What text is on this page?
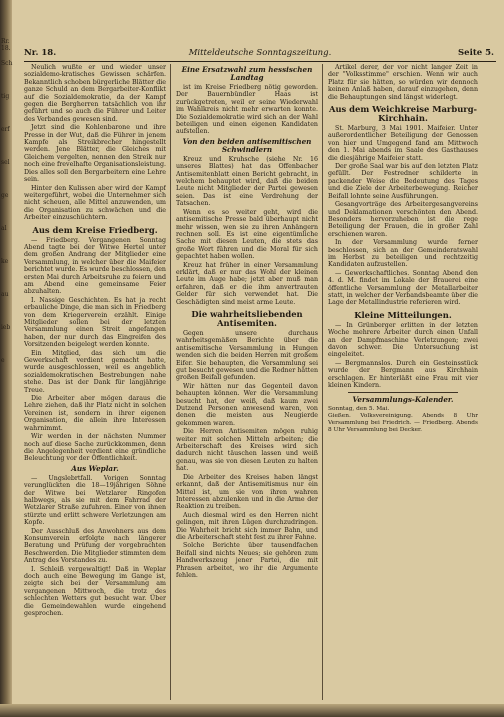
Rr. 18.
Sch
tig
erf
sel
ge
al
ke
au
ieb
e
Nr. 18.	Mitteldeutsche Sonntagszeitung.	Seite 5.

Neulich wußte er und wieder unser sozialdemo-kratisches Gewissen schärfen. Bekanntlich schoben bürgerliche Blätter die ganze Schuld an dem Bergarbeiter-Konflikt auf die Sozialdemokratie, da der Kampf gegen die Bergherren tatsächlich von ihr geführt und so auch die Führer und Leiter des Verbandes gewesen sind.

Jetzt sind die Kohlenbarone und ihre Presse in der Wut, daß die Führer in jenem Kampfe als Streikbrecher hingestellt werden. Jene Blätter, die Gleiches mit Gleichem vergelten, nennen den Streik nur noch eine frevelhafte Organisationsleistung. Dies alles soll den Bergarbeitern eine Lehre sein.

Hinter den Kulissen aber wird der Kampf weitergeführt, wobei die Unternehmer sich nicht scheuen, alle Mittel anzuwenden, um die Organisation zu schwächen und die Arbeiter einzuschüchtern.

Aus dem Kreise Friedberg.

— Friedberg. Vergangenen Sonntag Abend tagte bei der Witwe Hertel unter dem großen Andrang der Mitglieder eine Versammlung, in welcher über die Maifeier berichtet wurde. Es wurde beschlossen, den ersten Mai durch Arbeitsruhe zu feiern und am Abend eine gemeinsame Feier abzuhalten.

I. Nassige Geschichten. Es hat ja recht erbauliche Dinge, die man sich in Friedberg von dem Kriegerverein erzählt. Einige Mitglieder sollen bei der letzten Versammlung einen Streit angefangen haben, der nur durch das Eingreifen des Vorsitzenden beigelegt werden konnte.

Ein Mitglied, das sich um die Gewerkschaft verdient gemacht hatte, wurde ausgeschlossen, weil es angeblich sozialdemokratischen Bestrebungen nahe stehe. Das ist der Dank für langjährige Treue.

Die Arbeiter aber mögen daraus die Lehre ziehen, daß ihr Platz nicht in solchen Vereinen ist, sondern in ihrer eigenen Organisation, die allein ihre Interessen wahrnimmt.

Wir werden in der nächsten Nummer noch auf diese Sache zurückkommen, denn die Angelegenheit verdient eine gründliche Beleuchtung vor der Öffentlichkeit.

Aus Weplar.

— Ungslebrtfall. Vorigen Sonntag verunglückten die 18—19jährigen Söhne der Witwe bei Wetzlarer Ringofen halbwegs, als sie mit dem Fahrrad der Wetzlarer Straße zufuhren. Einer von ihnen stürzte und erlitt schwere Verletzungen am Kopfe.

Der Ausschluß des Anwohners aus dem Konsumverein erfolgte nach längerer Beratung und Prüfung der vorgebrachten Beschwerden. Die Mitglieder stimmten dem Antrag des Vorstandes zu.

I. Schleiß vergewaltigt! Daß in Weplar doch auch eine Bewegung im Gange ist, zeigte sich bei der Versammlung am vergangenen Mittwoch, die trotz des schlechten Wetters gut besucht war. Über die Gemeindewahlen wurde eingehend gesprochen.

Eine Ersatzwahl zum hessischen Landtag

ist im Kreise Friedberg nötig geworden. Der Bauernbündler Haas ist zurückgetreten, weil er seine Wiederwahl im Wahlkreis nicht mehr erwarten konnte. Die Sozialdemokratie wird sich an der Wahl beteiligen und einen eigenen Kandidaten aufstellen.

Von den beiden antisemitischen Schwindlern

Kreuz und Kruhsche (siehe Nr. 16 unseres Blattes) hat das Offenbacher Antisemitenblatt einen Bericht gebracht, in welchem behauptet wird, daß die beiden Leute nicht Mitglieder der Partei gewesen seien. Das ist eine Verdrehung der Tatsachen.

Wenn es so weiter geht, wird die antisemitische Presse bald überhaupt nicht mehr wissen, wen sie zu ihren Anhängern rechnen soll. Es ist eine eigentümliche Sache mit diesen Leuten, die stets das große Wort führen und die Moral für sich gepachtet haben wollen.

Kreuz hat früher in einer Versammlung erklärt, daß er nur das Wohl der kleinen Leute im Auge habe; jetzt aber muß man erfahren, daß er die ihm anvertrauten Gelder für sich verwendet hat. Die Geschädigten sind meist arme Leute.

Die wahrheitsliebenden Antisemiten.

Gegen unsere durchaus wahrheitsgemäßen Berichte über die antisemitische Versammlung in Hungen wenden sich die beiden Herren mit großem Eifer. Sie behaupten, die Versammlung sei gut besucht gewesen und die Redner hätten großen Beifall gefunden.

Wir hätten nur das Gegenteil davon behaupten können. Wer die Versammlung besucht hat, der weiß, daß kaum zwei Dutzend Personen anwesend waren, von denen die meisten aus Neugierde gekommen waren.

Die Herren Antisemiten mögen ruhig weiter mit solchen Mitteln arbeiten; die Arbeiterschaft des Kreises wird sich dadurch nicht täuschen lassen und weiß genau, was sie von diesen Leuten zu halten hat.

Die Arbeiter des Kreises haben längst erkannt, daß der Antisemitismus nur ein Mittel ist, um sie von ihren wahren Interessen abzulenken und in die Arme der Reaktion zu treiben.

Auch diesmal wird es den Herren nicht gelingen, mit ihren Lügen durchzudringen. Die Wahrheit bricht sich immer Bahn, und die Arbeiterschaft steht fest zu ihrer Fahne.

Solche Berichte über tausendfachen Beifall sind nichts Neues; sie gehören zum Handwerkszeug jener Partei, die mit Phrasen arbeitet, wo ihr die Argumente fehlen.

Artikel derer, der vor nicht langer Zeit in der "Volksstimme" erschien. Wenn wir auch Platz für sie hätten, so würden wir dennoch keinen Anlaß haben, darauf einzugehen, denn die Behauptungen sind längst widerlegt.

Aus dem Weichkreise Marburg-Kirchhain.

St. Marburg, 3 Mai 1901. Maifeier. Unter außerordentlicher Beteiligung der Genossen von hier und Umgegend fand am Mittwoch den 1. Mai abends im Saale des Gasthauses die diesjährige Maifeier statt.

Der große Saal war bis auf den letzten Platz gefüllt. Der Festredner schilderte in packender Weise die Bedeutung des Tages und die Ziele der Arbeiterbewegung. Reicher Beifall lohnte seine Ausführungen.

Gesangvorträge des Arbeitergesangvereins und Deklamationen verschönten den Abend. Besonders hervorzuheben ist die rege Beteiligung der Frauen, die in großer Zahl erschienen waren.

In der Versammlung wurde ferner beschlossen, sich an der Gemeinderatswahl im Herbst zu beteiligen und rechtzeitig Kandidaten aufzustellen.

— Gewerkschaftliches. Sonntag Abend den 4. d. M. findet im Lokale der Brauerei eine öffentliche Versammlung der Metallarbeiter statt, in welcher der Verbandsbeamte über die Lage der Metallindustrie referieren wird.

Kleine Mitteilungen.

— In Grünberger erlitten in der letzten Woche mehrere Arbeiter durch einen Unfall an der Dampfmaschine Verletzungen; zwei davon schwer. Die Untersuchung ist eingeleitet.

— Bergmannslos. Durch ein Gesteinsstück wurde der Bergmann aus Kirchhain erschlagen. Er hinterläßt eine Frau mit vier kleinen Kindern.

Versammlungs-Kalender.
Sonntag, den 5. Mai.
Gießen. Volksvereinigung. Abends 8 Uhr Versammlung bei Friedrich. — Friedberg. Abends 8 Uhr Versammlung bei Decker.
